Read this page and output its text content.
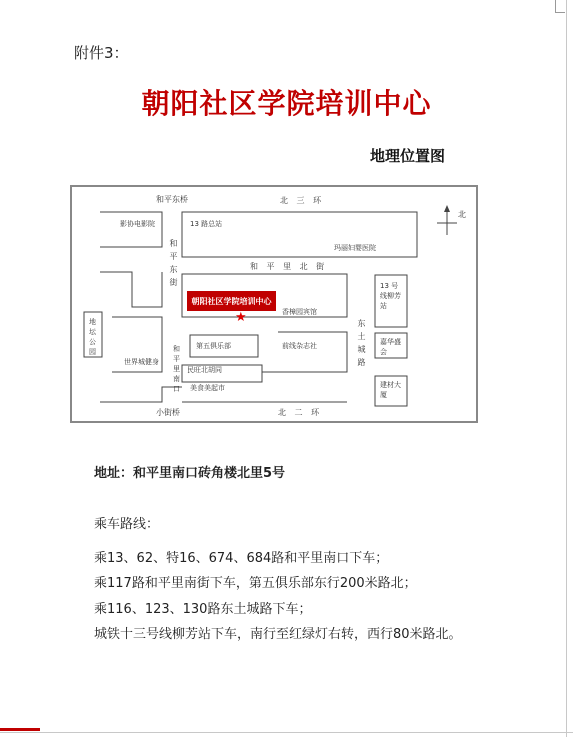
附件3：
朝阳社区学院培训中心
地理位置图
和平东桥	北 三 环
北
影协电影院	13 路总站
玛丽妇婴医院
和平东街
和 平 里 北 街
朝阳社区学院培训中心
★	香樟园宾馆
地坛公园
世界城健身
和平里南口
第五俱乐部	前线杂志社
民旺北胡同
美食美起市
东土城路
13 号线柳芳站
嘉华盛会
建材大厦
小街桥	北 二 环
地址：和平里南口砖角楼北里5号
乘车路线：
乘13、62、特16、674、684路和平里南口下车；
乘117路和平里南街下车，第五俱乐部东行200米路北；
乘116、123、130路东土城路下车；
城铁十三号线柳芳站下车，南行至红绿灯右转，西行80米路北。
